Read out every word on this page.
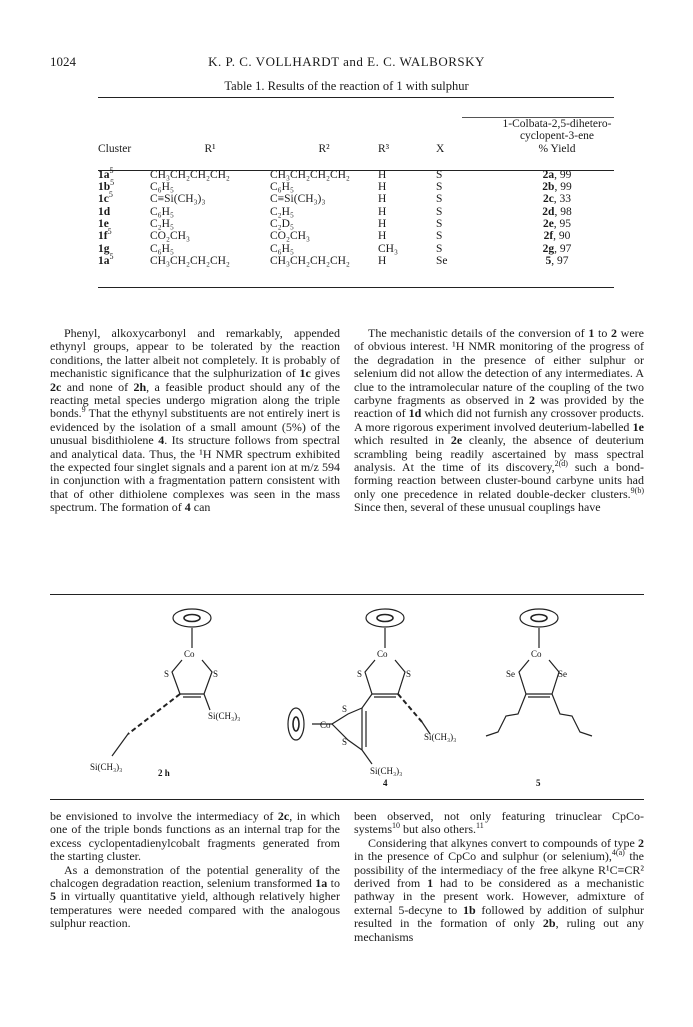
1024	K. P. C. VOLLHARDT and E. C. WALBORSKY
Table 1. Results of the reaction of 1 with sulphur
Cluster	R¹	R²	R³	X	1-Colbata-2,5-dihetero-
cyclopent-3-ene
% Yield

$1a^5$	CH₃CH₂CH₂CH₂	CH₃CH₂CH₂CH₂	H	S	2a, 99
$1b^5$	C₆H₅	C₆H₅	H	S	2b, 99
$1c^5$	C≡Si(CH₃)₃	C≡Si(CH₃)₃	H	S	2c, 33
1d	C₆H₅	C₂H₅	H	S	2d, 98
1e	C₂H₅	C₂D₅	H	S	2e, 95
$1f^5$	CO₂CH₃	CO₂CH₃	H	S	2f, 90
1g	C₆H₅	C₆H₅	CH₃	S	2g, 97
$1a^5$	CH₃CH₂CH₂CH₂	CH₃CH₂CH₂CH₂	H	Se	5, 97

Phenyl, alkoxycarbonyl and remarkably, appended ethynyl groups, appear to be tolerated by the reaction conditions, the latter albeit not completely. It is probably of mechanistic significance that the sulphurization of 1c gives 2c and none of 2h, a feasible product should any of the reacting metal species undergo migration along the triple bonds.$^9$ That the ethynyl substituents are not entirely inert is evidenced by the isolation of a small amount (5%) of the unusual bisdithiolene 4. Its structure follows from spectral and analytical data. Thus, the ¹H NMR spectrum exhibited the expected four singlet signals and a parent ion at m/z 594 in conjunction with a fragmentation pattern consistent with that of other dithiolene complexes was seen in the mass spectrum. The formation of 4 can

The mechanistic details of the conversion of 1 to 2 were of obvious interest. ¹H NMR monitoring of the progress of the degradation in the presence of either sulphur or selenium did not allow the detection of any intermediates. A clue to the intramolecular nature of the coupling of the two carbyne fragments as observed in 2 was provided by the reaction of 1d which did not furnish any crossover products. A more rigorous experiment involved deuterium-labelled 1e which resulted in 2e cleanly, the absence of deuterium scrambling being readily ascertained by mass spectral analysis. At the time of its discovery,$^{2(d)}$ such a bond-forming reaction between cluster-bound carbyne units had only one precedence in related double-decker clusters.$^{9(b)}$ Since then, several of these unusual couplings have

Co
S	S
Si(CH₃)₃
Si(CH₃)₃
Co
S	S
S
Co
S	Si(CH₃)₃
Si(CH₃)₃
Co
Se	Se
2 h
4	5

be envisioned to involve the intermediacy of 2c, in which one of the triple bonds functions as an internal trap for the excess cyclopentadienylcobalt fragments generated from the starting cluster.

As a demonstration of the potential generality of the chalcogen degradation reaction, selenium transformed 1a to 5 in virtually quantitative yield, although relatively higher temperatures were needed compared with the analogous sulphur reaction.

been observed, not only featuring trinuclear CpCo-systems$^{10}$ but also others.$^{11}$

Considering that alkynes convert to compounds of type 2 in the presence of CpCo and sulphur (or selenium),$^{4(a)}$ the possibility of the intermediacy of the free alkyne R¹C≡CR² derived from 1 had to be considered as a mechanistic pathway in the present work. However, admixture of external 5-decyne to 1b followed by addition of sulphur resulted in the formation of only 2b, ruling out any mechanisms
